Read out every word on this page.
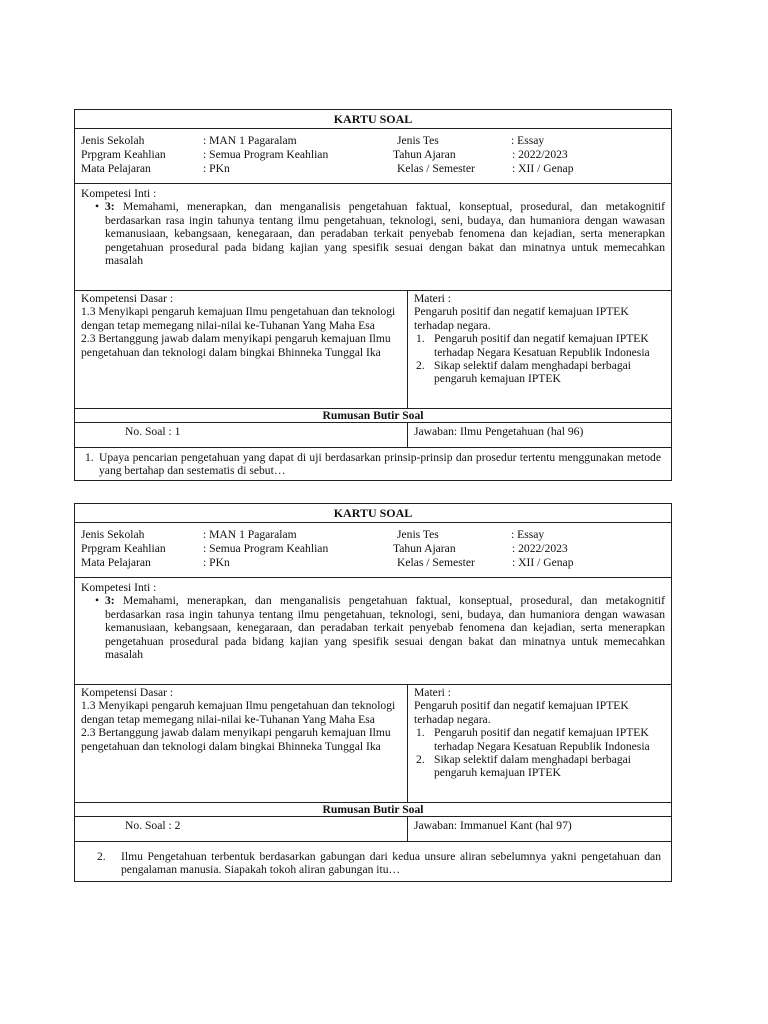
KARTU SOAL
Jenis Sekolah	: MAN 1 Pagaralam	Jenis Tes	: Essay
Prpgram Keahlian	: Semua Program Keahlian	Tahun Ajaran	: 2022/2023
Mata Pelajaran	: PKn	Kelas / Semester	: XII / Genap
Kompetesi Inti :
• 3: Memahami, menerapkan, dan menganalisis pengetahuan faktual, konseptual, prosedural, dan metakognitif berdasarkan rasa ingin tahunya tentang ilmu pengetahuan, teknologi, seni, budaya, dan humaniora dengan wawasan kemanusiaan, kebangsaan, kenegaraan, dan peradaban terkait penyebab fenomena dan kejadian, serta menerapkan pengetahuan prosedural pada bidang kajian yang spesifik sesuai dengan bakat dan minatnya untuk memecahkan masalah
Kompetensi Dasar :
1.3 Menyikapi pengaruh kemajuan Ilmu pengetahuan dan teknologi dengan tetap memegang nilai-nilai ke-Tuhanan Yang Maha Esa
2.3 Bertanggung jawab dalam menyikapi pengaruh kemajuan Ilmu pengetahuan dan teknologi dalam bingkai Bhinneka Tunggal Ika
Materi :
Pengaruh positif dan negatif kemajuan IPTEK terhadap negara.
1. Pengaruh positif dan negatif kemajuan IPTEK terhadap Negara Kesatuan Republik Indonesia
2. Sikap selektif dalam menghadapi berbagai pengaruh kemajuan IPTEK
Rumusan Butir Soal
No. Soal : 1	Jawaban: Ilmu Pengetahuan (hal 96)
1. Upaya pencarian pengetahuan yang dapat di uji berdasarkan prinsip-prinsip dan prosedur tertentu menggunakan metode yang bertahap dan sestematis di sebut…
KARTU SOAL
Jenis Sekolah	: MAN 1 Pagaralam	Jenis Tes	: Essay
Prpgram Keahlian	: Semua Program Keahlian	Tahun Ajaran	: 2022/2023
Mata Pelajaran	: PKn	Kelas / Semester	: XII / Genap
Kompetesi Inti :
• 3: Memahami, menerapkan, dan menganalisis pengetahuan faktual, konseptual, prosedural, dan metakognitif berdasarkan rasa ingin tahunya tentang ilmu pengetahuan, teknologi, seni, budaya, dan humaniora dengan wawasan kemanusiaan, kebangsaan, kenegaraan, dan peradaban terkait penyebab fenomena dan kejadian, serta menerapkan pengetahuan prosedural pada bidang kajian yang spesifik sesuai dengan bakat dan minatnya untuk memecahkan masalah
Kompetensi Dasar :
1.3 Menyikapi pengaruh kemajuan Ilmu pengetahuan dan teknologi dengan tetap memegang nilai-nilai ke-Tuhanan Yang Maha Esa
2.3 Bertanggung jawab dalam menyikapi pengaruh kemajuan Ilmu pengetahuan dan teknologi dalam bingkai Bhinneka Tunggal Ika
Materi :
Pengaruh positif dan negatif kemajuan IPTEK terhadap negara.
1. Pengaruh positif dan negatif kemajuan IPTEK terhadap Negara Kesatuan Republik Indonesia
2. Sikap selektif dalam menghadapi berbagai pengaruh kemajuan IPTEK
Rumusan Butir Soal
No. Soal : 2	Jawaban: Immanuel Kant (hal 97)
2. Ilmu Pengetahuan terbentuk berdasarkan gabungan dari kedua unsure aliran sebelumnya yakni pengetahuan dan pengalaman manusia. Siapakah tokoh aliran gabungan itu…
